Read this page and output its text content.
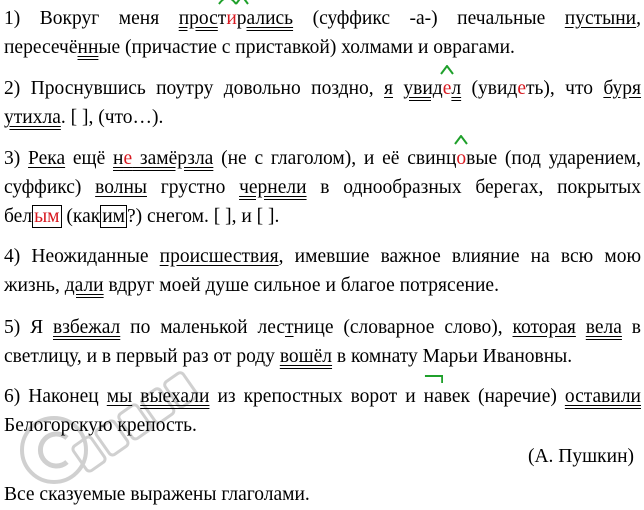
1) Вокруг меня прос
ти
рались (суффикс -а-) печальные пустыни, пересечённые (причастие с приставкой) холмами и оврагами.

2) Проснувшись поутру довольно поздно, я увид
ел (увидеть), что буря утихла. [ ], (что…).

3) Река ещё не замёрзла (не с глаголом), и её свинц
овые (под ударением, суффикс) волны грустно чернели в однообразных берегах, покрытых бел ым (как им ?) снегом. [ ], и [ ].

4) Неожиданные происшествия, имевшие важное влияние на всю мою жизнь, дали вдруг моей душе сильное и благое потрясение.

5) Я взбежал по маленькой лестнице (словарное слово), которая вела в светлицу, и в первый раз от роду вошёл в комнату Марьи Ивановны.

6) Наконец мы выехали из крепостных ворот и
навек (наречие) оставили Белогорскую крепость.

(А. Пушкин)
Все сказуемые выражены глаголами.
